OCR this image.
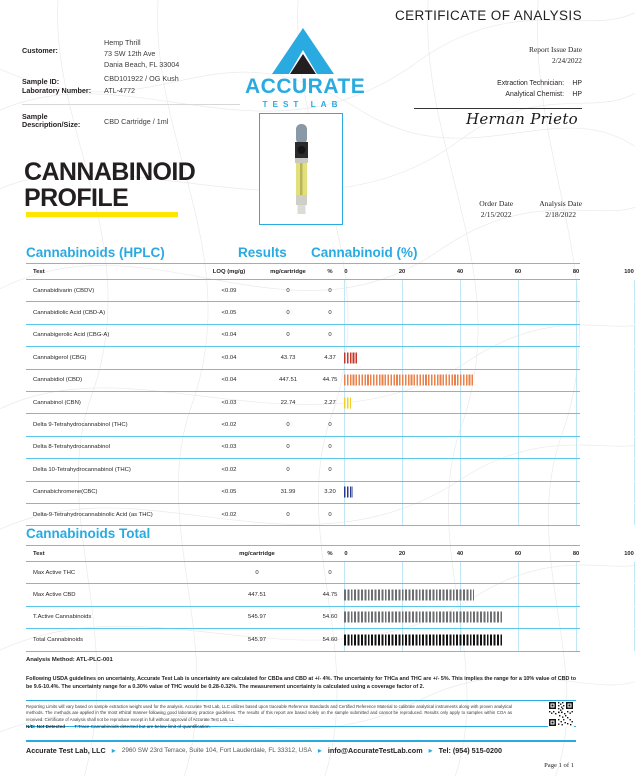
CERTIFICATE OF ANALYSIS
Customer:
Hemp Thrill
73 SW 12th Ave
Dania Beach, FL 33004
Sample ID:	CBD101922 / OG Kush
Laboratory Number: ATL-4772
Sample
Description/Size:	CBD Cartridge / 1ml
ACCURATE
TEST LAB
Report Issue Date
2/24/2022
Extraction Technician: HP
Analytical Chemist: HP
Hernan Prieto
Order Date
2/15/2022
Analysis Date
2/18/2022
CANNABINOID
PROFILE
Cannabinoids (HPLC)	Results Cannabinoid (%)
Test	LOQ (mg/g)	mg/cartridge	%	0	20	40	60	80	100
Cannabidivarin (CBDV)	<0.09	0	0
Cannabidiolic Acid (CBD-A)	<0.05	0	0
Cannabigerolic Acid (CBG-A)	<0.04	0	0
Cannabigerol (CBG)	<0.04	43.73	4.37
Cannabidiol (CBD)	<0.04	447.51	44.75
Cannabinol (CBN)	<0.03	22.74	2.27
Delta 9-Tetrahydrocannabinol (THC)	<0.02	0	0
Delta 8-Tetrahydrocannabinol	<0.03	0	0
Delta 10-Tetrahydrocannabinol (THC)	<0.02	0	0
Cannabichromene(CBC)	<0.05	31.99	3.20
Delta-9-Tetrahydrocannabinolic Acid (as THC)	<0.02	0	0
Cannabinoids Total
Test	mg/cartridge	%	0	20	40	60	80	100
Max Active THC	0	0
Max Active CBD	447.51	44.75
T.Active Cannabinoids	545.97	54.60
Total Cannabinoids	545.97	54.60
Analysis Method: ATL-PLC-001
Following USDA guidelines on uncertainty, Accurate Test Lab is uncertainty are calculated for CBDa and CBD at +/- 4%. The uncertainty for THCa and THC are +/- 5%. This implies the range for a 10% value of CBD to be 9.6-10.4%. The uncertainty range for a 0.30% value of THC would be 0.28-0.32%. The measurement uncertainty is calculated using a coverage factor of 2.
Reporting Limits will vary based on sample extraction weight used for the analysis. Accurate Test Lab, LLC utilizes based upon traceable Reference Standards and Certified Reference Material to calibrate analytical instruments along with proven analytical methods. The methods are applied in the most ethical manner following good laboratory practice guidelines. The results of this report are based solely on the sample submitted and cannot be reproduced. Results only apply to samples within COA as received. Certificate of Analysis shall not be reproduce except in full without approval of Accurate Test Lab, LL
N/D: Not Detected T:Trace Cannabinoids detected but are below limit of quantification.
Accurate Test Lab, LLC ▸ 2960 SW 23rd Terrace, Suite 104, Fort Lauderdale, FL 33312, USA ▸ info@AccurateTestLab.com ▸ Tel: (954) 515-0200
Page 1 of 1
